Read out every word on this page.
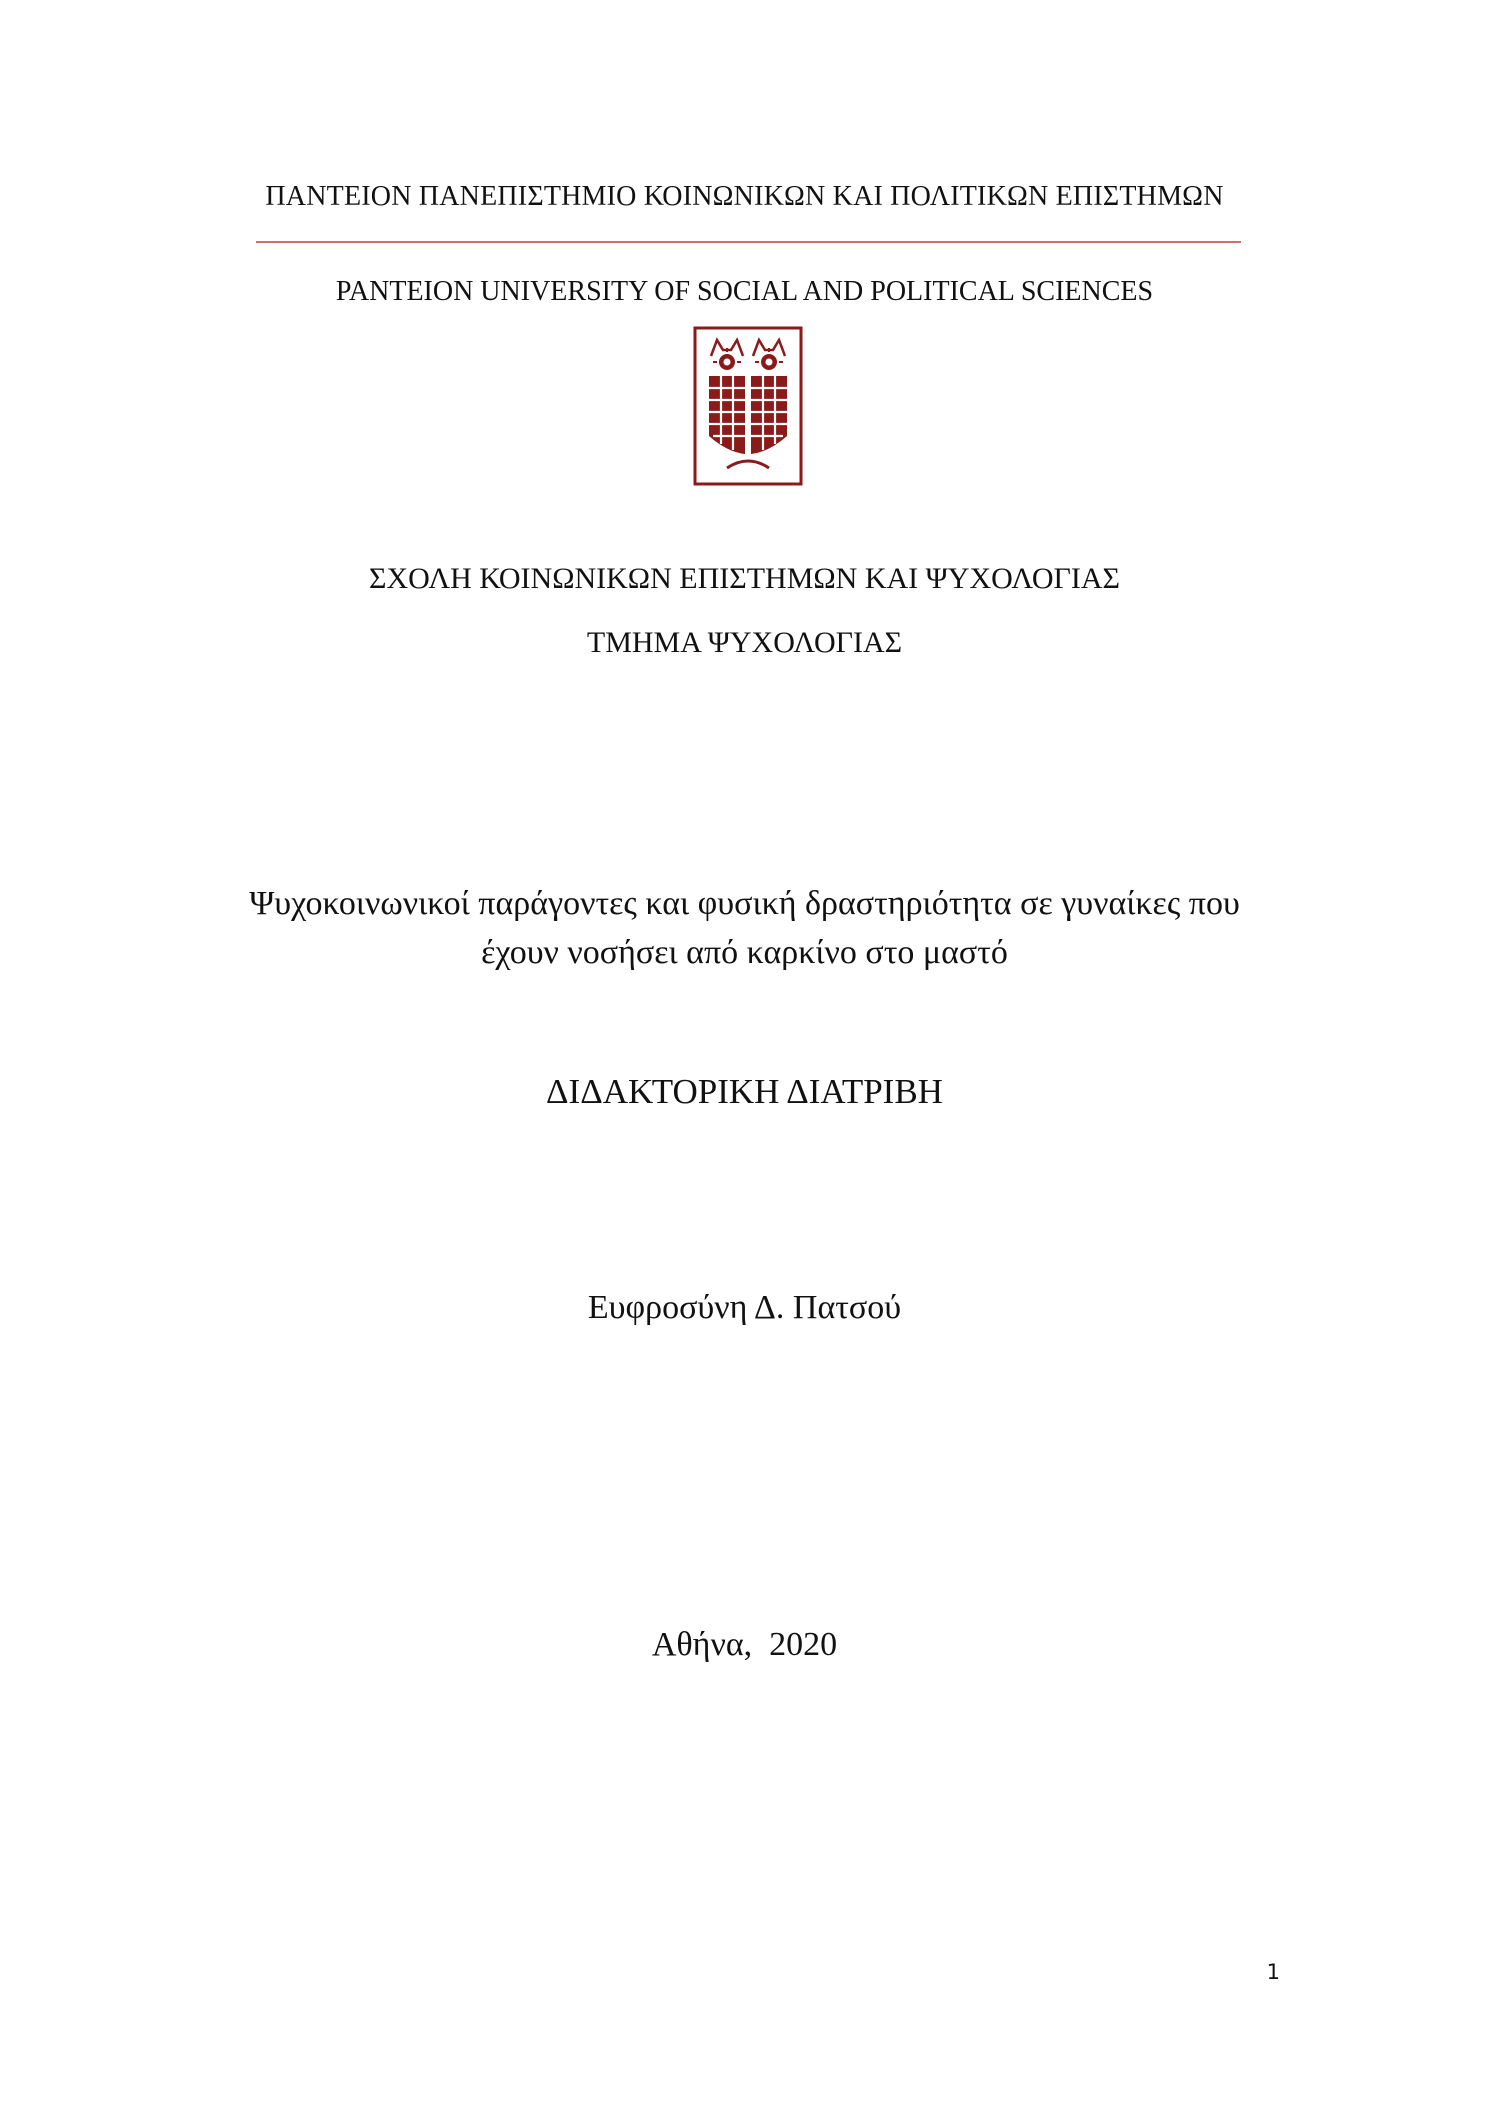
ΠΑΝΤΕΙΟΝ ΠΑΝΕΠΙΣΤΗΜΙΟ ΚΟΙΝΩΝΙΚΩΝ ΚΑΙ ΠΟΛΙΤΙΚΩΝ ΕΠΙΣΤΗΜΩΝ
PANTEION UNIVERSITY OF SOCIAL AND POLITICAL SCIENCES
ΣΧΟΛΗ ΚΟΙΝΩΝΙΚΩΝ ΕΠΙΣΤΗΜΩΝ ΚΑΙ ΨΥΧΟΛΟΓΙΑΣ
ΤΜΗΜΑ ΨΥΧΟΛΟΓΙΑΣ
Ψυχοκοινωνικοί παράγοντες και φυσική δραστηριότητα σε γυναίκες που
έχουν νοσήσει από καρκίνο στο μαστό
ΔΙΔΑΚΤΟΡΙΚΗ ΔΙΑΤΡΙΒΗ
Ευφροσύνη Δ. Πατσού
Αθήνα,  2020
1
